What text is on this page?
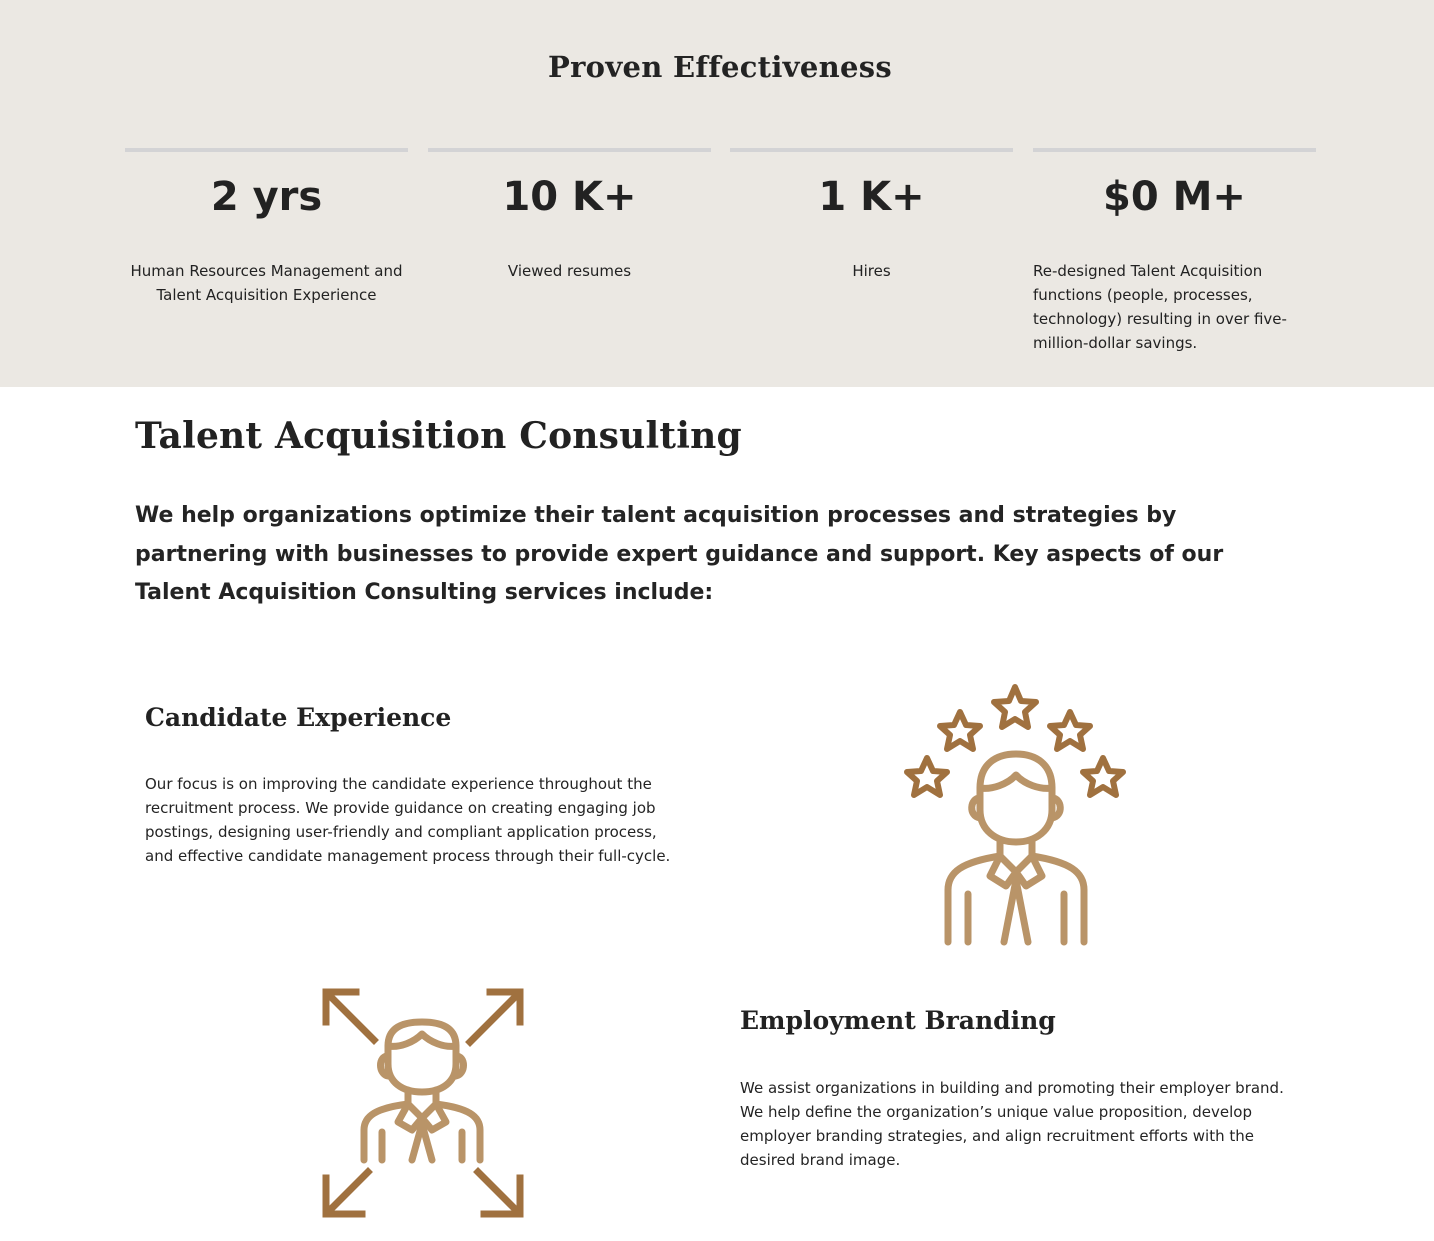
Proven Effectiveness
2 yrs
Human Resources Management and Talent Acquisition Experience
10 K+
Viewed resumes
1 K+
Hires
$0 M+
Re-designed Talent Acquisition functions (people, processes, technology) resulting in over five-million-dollar savings.
Talent Acquisition Consulting

We help organizations optimize their talent acquisition processes and strategies by partnering with businesses to provide expert guidance and support. Key aspects of our Talent Acquisition Consulting services include:

Candidate Experience

Our focus is on improving the candidate experience throughout the recruitment process. We provide guidance on creating engaging job postings, designing user-friendly and compliant application process, and effective candidate management process through their full-cycle.

Employment Branding

We assist organizations in building and promoting their employer brand. We help define the organization’s unique value proposition, develop employer branding strategies, and align recruitment efforts with the desired brand image.
